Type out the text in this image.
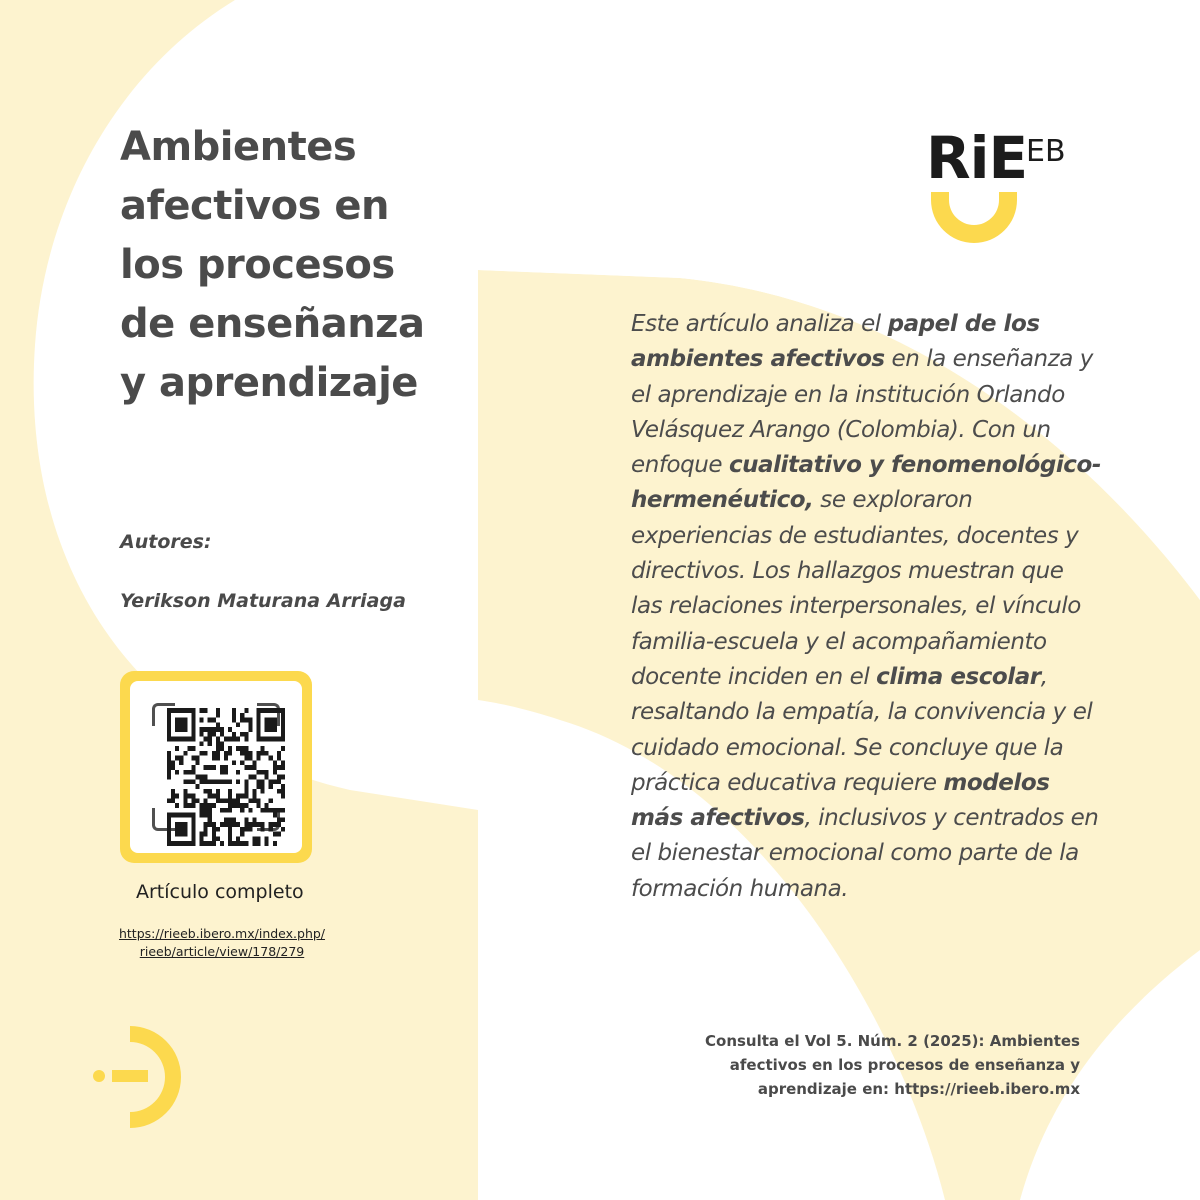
Ambientes
afectivos en
los procesos
de enseñanza
y aprendizaje
Autores:
Yerikson Maturana Arriaga
Artículo completo
https://rieeb.ibero.mx/index.php/
rieeb/article/view/178/279
RiE
EB

Este artículo analiza el papel de los ambientes afectivos en la enseñanza y el aprendizaje en la institución Orlando Velásquez Arango (Colombia). Con un enfoque cualitativo y fenomenológico-hermenéutico, se exploraron experiencias de estudiantes, docentes y directivos. Los hallazgos muestran que las relaciones interpersonales, el vínculo familia-escuela y el acompañamiento docente inciden en el clima escolar, resaltando la empatía, la convivencia y el cuidado emocional. Se concluye que la práctica educativa requiere modelos más afectivos, inclusivos y centrados en el bienestar emocional como parte de la formación humana.

Consulta el Vol 5. Núm. 2 (2025): Ambientes
afectivos en los procesos de enseñanza y
aprendizaje en: https://rieeb.ibero.mx
